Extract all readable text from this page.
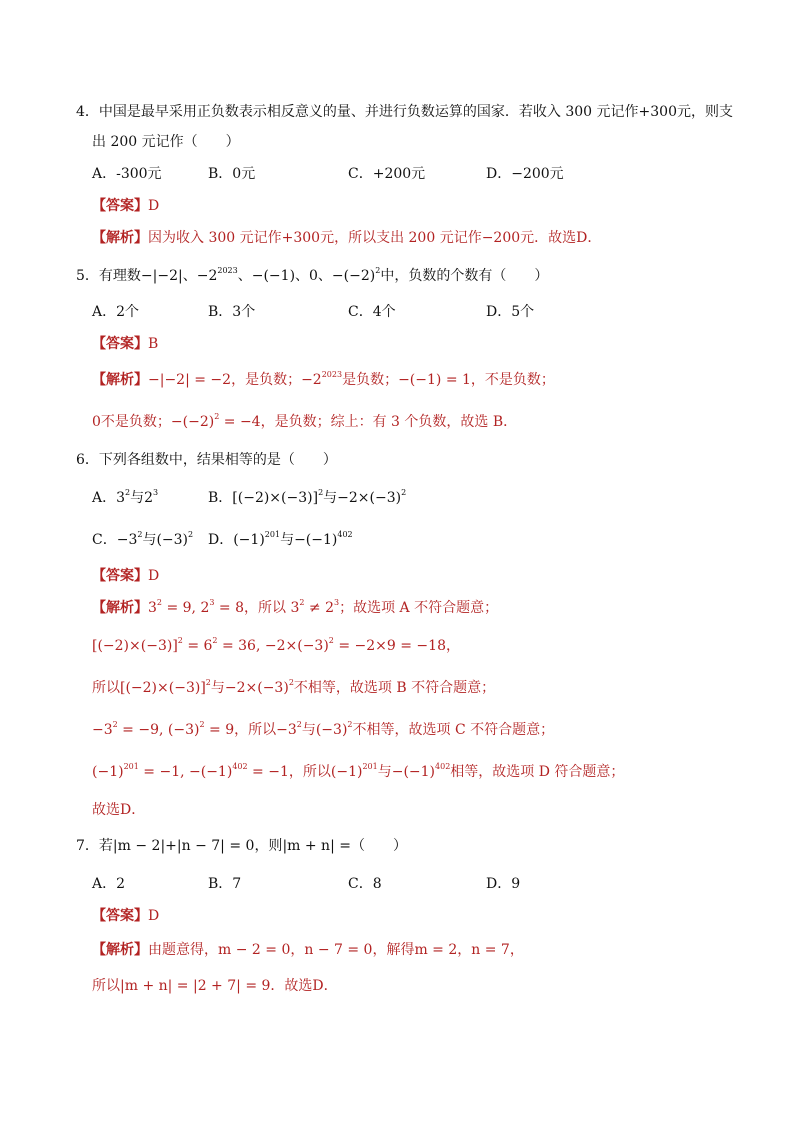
4．中国是最早采用正负数表示相反意义的量、并进行负数运算的国家．若收入 300 元记作+300元，则支
出 200 元记作（　　）
A．-300元	B．0元	C．+200元	D．−200元
【答案】D
【解析】因为收入 300 元记作+300元，所以支出 200 元记作−200元．故选D．
5．有理数−|−2|、$-2^{2023}$、−(−1)、0、$-(-2)^2$中，负数的个数有（　　）
A．2个	B．3个	C．4个	D．5个
【答案】B
【解析】−|−2| = −2，是负数；$-2^{2023}$是负数；−(−1) = 1，不是负数；
0不是负数；$-(-2)^2 = -4$，是负数；综上：有 3 个负数，故选 B．
6．下列各组数中，结果相等的是（　　）
A．$3^2$与$2^3$	B．$[(-2)\times(-3)]^2$与$-2\times(-3)^2$
C．$-3^2$与$(-3)^2$ D．$(-1)^{201}$与$-(-1)^{402}$
【答案】D
【解析】$3^2 = 9$, $2^3 = 8$，所以 $3^2 \ne 2^3$；故选项 A 不符合题意；
$[(-2)\times(-3)]^2 = 6^2 = 36$, $-2\times(-3)^2 = -2\times 9 = -18$，
所以$[(-2)\times(-3)]^2$与$-2\times(-3)^2$不相等，故选项 B 不符合题意；
$-3^2 = -9$, $(-3)^2 = 9$，所以$-3^2$与$(-3)^2$不相等，故选项 C 不符合题意；
$(-1)^{201} = -1$, $-(-1)^{402} = -1$，所以$(-1)^{201}$与$-(-1)^{402}$相等，故选项 D 符合题意；
故选D．
7．若|m − 2|+|n − 7| = 0，则|m + n| =（　　）
A．2	B．7	C．8	D．9
【答案】D
【解析】由题意得，m − 2 = 0，n − 7 = 0，解得m = 2，n = 7，
所以|m + n| = |2 + 7| = 9．故选D．
